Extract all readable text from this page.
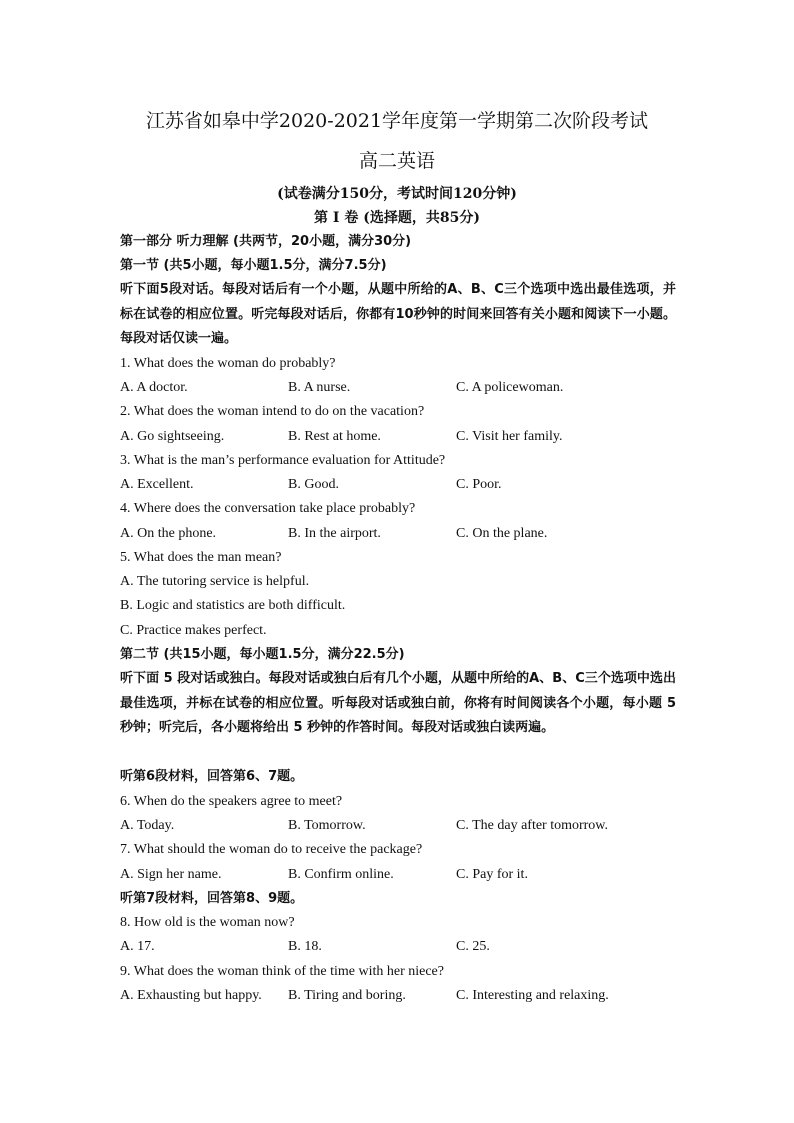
江苏省如皋中学2020-2021学年度第一学期第二次阶段考试
高二英语
(试卷满分150分，考试时间120分钟)
第 Ⅰ 卷 (选择题，共85分)
第一部分 听力理解 (共两节，20小题，满分30分)
第一节 (共5小题，每小题1.5分，满分7.5分)
听下面5段对话。每段对话后有一个小题，从题中所给的A、B、C三个选项中选出最佳选项，并标在试卷的相应位置。听完每段对话后，你都有10秒钟的时间来回答有关小题和阅读下一小题。每段对话仅读一遍。
1. What does the woman do probably?
A. A doctor.	B. A nurse.	C. A policewoman.
2. What does the woman intend to do on the vacation?
A. Go sightseeing.	B. Rest at home.	C. Visit her family.
3. What is the man’s performance evaluation for Attitude?
A. Excellent.	B. Good.	C. Poor.
4. Where does the conversation take place probably?
A. On the phone.	B. In the airport.	C. On the plane.
5. What does the man mean?
A. The tutoring service is helpful.
B. Logic and statistics are both difficult.
C. Practice makes perfect.
第二节 (共15小题，每小题1.5分，满分22.5分)
听下面 5 段对话或独白。每段对话或独白后有几个小题，从题中所给的A、B、C三个选项中选出最佳选项，并标在试卷的相应位置。听每段对话或独白前，你将有时间阅读各个小题，每小题 5 秒钟；听完后，各小题将给出 5 秒钟的作答时间。每段对话或独白读两遍。
听第6段材料，回答第6、7题。
6. When do the speakers agree to meet?
A. Today.	B. Tomorrow.	C. The day after tomorrow.
7. What should the woman do to receive the package?
A. Sign her name.	B. Confirm online.	C. Pay for it.
听第7段材料，回答第8、9题。
8. How old is the woman now?
A. 17.	B. 18.	C. 25.
9. What does the woman think of the time with her niece?
A. Exhausting but happy. B. Tiring and boring.	C. Interesting and relaxing.
